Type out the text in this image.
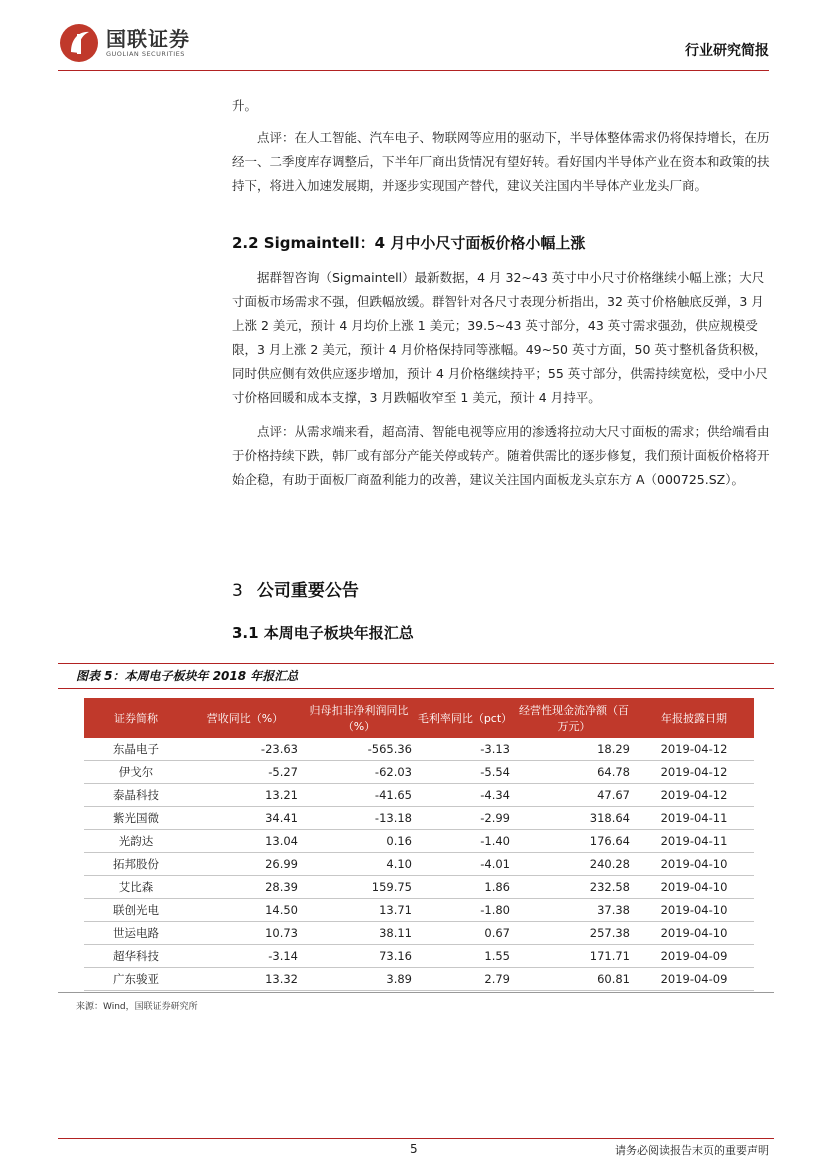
国联证券
GUOLIAN SECURITIES	行业研究简报

升。

点评：在人工智能、汽车电子、物联网等应用的驱动下，半导体整体需求仍将保持增长，在历经一、二季度库存调整后，下半年厂商出货情况有望好转。看好国内半导体产业在资本和政策的扶持下，将进入加速发展期，并逐步实现国产替代，建议关注国内半导体产业龙头厂商。

2.2 Sigmaintell：4 月中小尺寸面板价格小幅上涨

据群智咨询（Sigmaintell）最新数据，4 月 32~43 英寸中小尺寸价格继续小幅上涨；大尺寸面板市场需求不强，但跌幅放缓。群智针对各尺寸表现分析指出，32 英寸价格触底反弹，3 月上涨 2 美元，预计 4 月均价上涨 1 美元；39.5~43 英寸部分，43 英寸需求强劲，供应规模受限，3 月上涨 2 美元，预计 4 月价格保持同等涨幅。49~50 英寸方面，50 英寸整机备货积极，同时供应侧有效供应逐步增加，预计 4 月价格继续持平；55 英寸部分，供需持续宽松，受中小尺寸价格回暖和成本支撑，3 月跌幅收窄至 1 美元，预计 4 月持平。

点评：从需求端来看，超高清、智能电视等应用的渗透将拉动大尺寸面板的需求；供给端看由于价格持续下跌，韩厂或有部分产能关停或转产。随着供需比的逐步修复，我们预计面板价格将开始企稳，有助于面板厂商盈利能力的改善，建议关注国内面板龙头京东方 A（000725.SZ）。

3 公司重要公告
3.1 本周电子板块年报汇总
图表 5：本周电子板块年 2018 年报汇总
证券简称	营收同比（%）	归母扣非净利润同比（%）	毛利率同比（pct）	经营性现金流净额（百万元）	年报披露日期
东晶电子	-23.63	-565.36	-3.13	18.29	2019-04-12
伊戈尔	-5.27	-62.03	-5.54	64.78	2019-04-12
泰晶科技	13.21	-41.65	-4.34	47.67	2019-04-12
紫光国微	34.41	-13.18	-2.99	318.64	2019-04-11
光韵达	13.04	0.16	-1.40	176.64	2019-04-11
拓邦股份	26.99	4.10	-4.01	240.28	2019-04-10
艾比森	28.39	159.75	1.86	232.58	2019-04-10
联创光电	14.50	13.71	-1.80	37.38	2019-04-10
世运电路	10.73	38.11	0.67	257.38	2019-04-10
超华科技	-3.14	73.16	1.55	171.71	2019-04-09
广东骏亚	13.32	3.89	2.79	60.81	2019-04-09
来源：Wind，国联证券研究所
5	请务必阅读报告末页的重要声明
